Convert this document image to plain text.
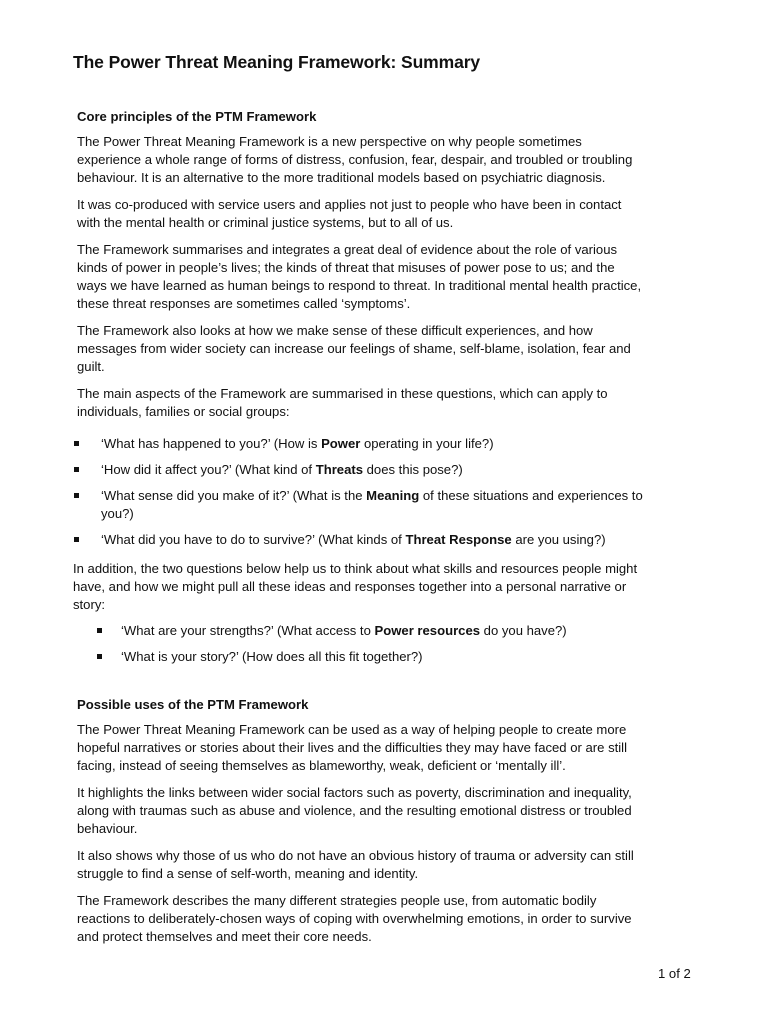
The Power Threat Meaning Framework: Summary
Core principles of the PTM Framework
The Power Threat Meaning Framework is a new perspective on why people sometimes
experience a whole range of forms of distress, confusion, fear, despair, and troubled or troubling
behaviour. It is an alternative to the more traditional models based on psychiatric diagnosis.
It was co-produced with service users and applies not just to people who have been in contact
with the mental health or criminal justice systems, but to all of us.
The Framework summarises and integrates a great deal of evidence about the role of various
kinds of power in people’s lives; the kinds of threat that misuses of power pose to us; and the
ways we have learned as human beings to respond to threat. In traditional mental health practice,
these threat responses are sometimes called ‘symptoms’.
The Framework also looks at how we make sense of these difficult experiences, and how
messages from wider society can increase our feelings of shame, self-blame, isolation, fear and
guilt.
The main aspects of the Framework are summarised in these questions, which can apply to
individuals, families or social groups:
‘What has happened to you?’ (How is Power operating in your life?)
‘How did it affect you?’ (What kind of Threats does this pose?)
‘What sense did you make of it?’ (What is the Meaning of these situations and experiences to
you?)
‘What did you have to do to survive?’ (What kinds of Threat Response are you using?)
In addition, the two questions below help us to think about what skills and resources people might
have, and how we might pull all these ideas and responses together into a personal narrative or
story:
‘What are your strengths?’ (What access to Power resources do you have?)
‘What is your story?’ (How does all this fit together?)
Possible uses of the PTM Framework
The Power Threat Meaning Framework can be used as a way of helping people to create more
hopeful narratives or stories about their lives and the difficulties they may have faced or are still
facing, instead of seeing themselves as blameworthy, weak, deficient or ‘mentally ill’.
It highlights the links between wider social factors such as poverty, discrimination and inequality,
along with traumas such as abuse and violence, and the resulting emotional distress or troubled
behaviour.
It also shows why those of us who do not have an obvious history of trauma or adversity can still
struggle to find a sense of self-worth, meaning and identity.
The Framework describes the many different strategies people use, from automatic bodily
reactions to deliberately-chosen ways of coping with overwhelming emotions, in order to survive
and protect themselves and meet their core needs.
1 of 2
